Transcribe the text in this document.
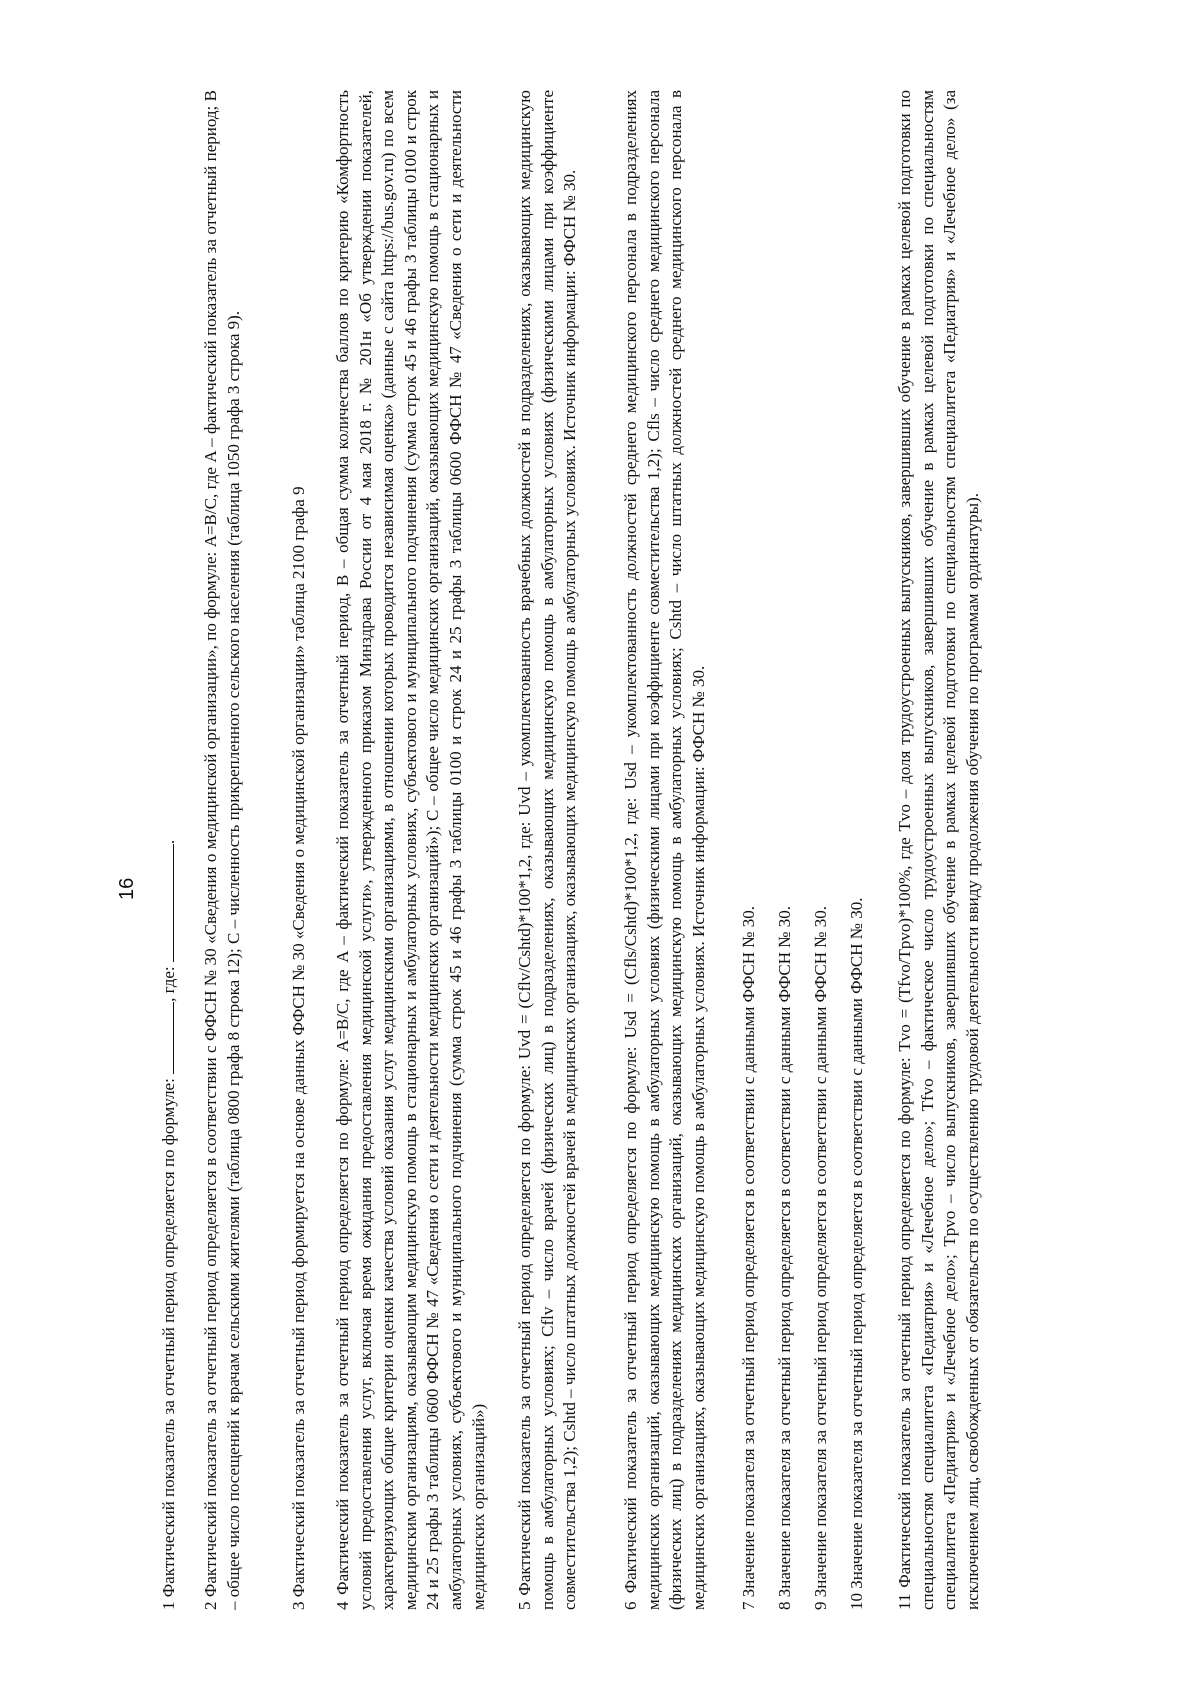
16

1 Фактический показатель за отчетный период определяется по формуле: , где: . 2 Фактический показатель за отчетный период определяется в соответствии с ФФСН № 30 «Сведения о медицинской организации», по формуле: A=B/C, где A – фактический показатель за отчетный период; B – общее число посещений к врачам сельскими жителями (таблица 0800 графа 8 строка 12); C – численность прикрепленного сельского населения (таблица 1050 графа 3 строка 9).	3 Фактический показатель за отчетный период формируется на основе данных ФФСН № 30 «Сведения о медицинской организации» таблица 2100 графа 9 4 Фактический показатель за отчетный период определяется по формуле: A=B/C, где A – фактический показатель за отчетный период, B – общая сумма количества баллов по критерию «Комфортность условий предоставления услуг, включая время ожидания предоставления медицинской услуги», утвержденного приказом Минздрава России от 4 мая 2018 г. № 201н «Об утверждении показателей, характеризующих общие критерии оценки качества условий оказания услуг медицинскими организациями, в отношении которых проводится независимая оценка» (данные с сайта https://bus.gov.ru) по всем медицинским организациям, оказывающим медицинскую помощь в стационарных и амбулаторных условиях, субъектового и муниципального подчинения (сумма строк 45 и 46 графы 3 таблицы 0100 и строк 24 и 25 графы 3 таблицы 0600 ФФСН № 47 «Сведения о сети и деятельности медицинских организаций»); C – общее число медицинских организаций, оказывающих медицинскую помощь в стационарных и амбулаторных условиях, субъектового и муниципального подчинения (сумма строк 45 и 46 графы 3 таблицы 0100 и строк 24 и 25 графы 3 таблицы 0600 ФФСН № 47 «Сведения о сети и деятельности медицинских организаций») 5 Фактический показатель за отчетный период определяется по формуле: Uvd = (Cflv/Cshtd)*100*1,2, где: Uvd – укомплектованность врачебных должностей в подразделениях, оказывающих медицинскую помощь в амбулаторных условиях; Cflv – число врачей (физических лиц) в подразделениях, оказывающих медицинскую помощь в амбулаторных условиях (физическими лицами при коэффициенте совместительства 1,2); Cshtd – число штатных должностей врачей в медицинских организациях, оказывающих медицинскую помощь в амбулаторных условиях. Источник информации: ФФСН № 30. 6 Фактический показатель за отчетный период определяется по формуле: Usd = (Cfls/Cshtd)*100*1,2, где: Usd – укомплектованность должностей среднего медицинского персонала в подразделениях медицинских организаций, оказывающих медицинскую помощь в амбулаторных условиях (физическими лицами при коэффициенте совместительства 1,2); Cfls – число среднего медицинского персонала (физических лиц) в подразделениях медицинских организаций, оказывающих медицинскую помощь в амбулаторных условиях; Cshtd – число штатных должностей среднего медицинского персонала в медицинских организациях, оказывающих медицинскую помощь в амбулаторных условиях. Источник информации: ФФСН № 30. 7 Значение показателя за отчетный период определяется в соответствии с данными ФФСН № 30. 8 Значение показателя за отчетный период определяется в соответствии с данными ФФСН № 30. 9 Значение показателя за отчетный период определяется в соответствии с данными ФФСН № 30. 10 Значение показателя за отчетный период определяется в соответствии с данными ФФСН № 30. 11 Фактический показатель за отчетный период определяется по формуле: Tvo = (Tfvo/Tpvo)*100%, где Tvo – доля трудоустроенных выпускников, завершивших обучение в рамках целевой подготовки по специальностям специалитета «Педиатрия» и «Лечебное дело»; Tfvo – фактическое число трудоустроенных выпускников, завершивших обучение в рамках целевой подготовки по специальностям специалитета «Педиатрия» и «Лечебное дело»; Tpvo – число выпускников, завершивших обучение в рамках целевой подготовки по специальностям специалитета «Педиатрия» и «Лечебное дело» (за исключением лиц, освобожденных от обязательств по осуществлению трудовой деятельности ввиду продолжения обучения по программам ординатуры).
